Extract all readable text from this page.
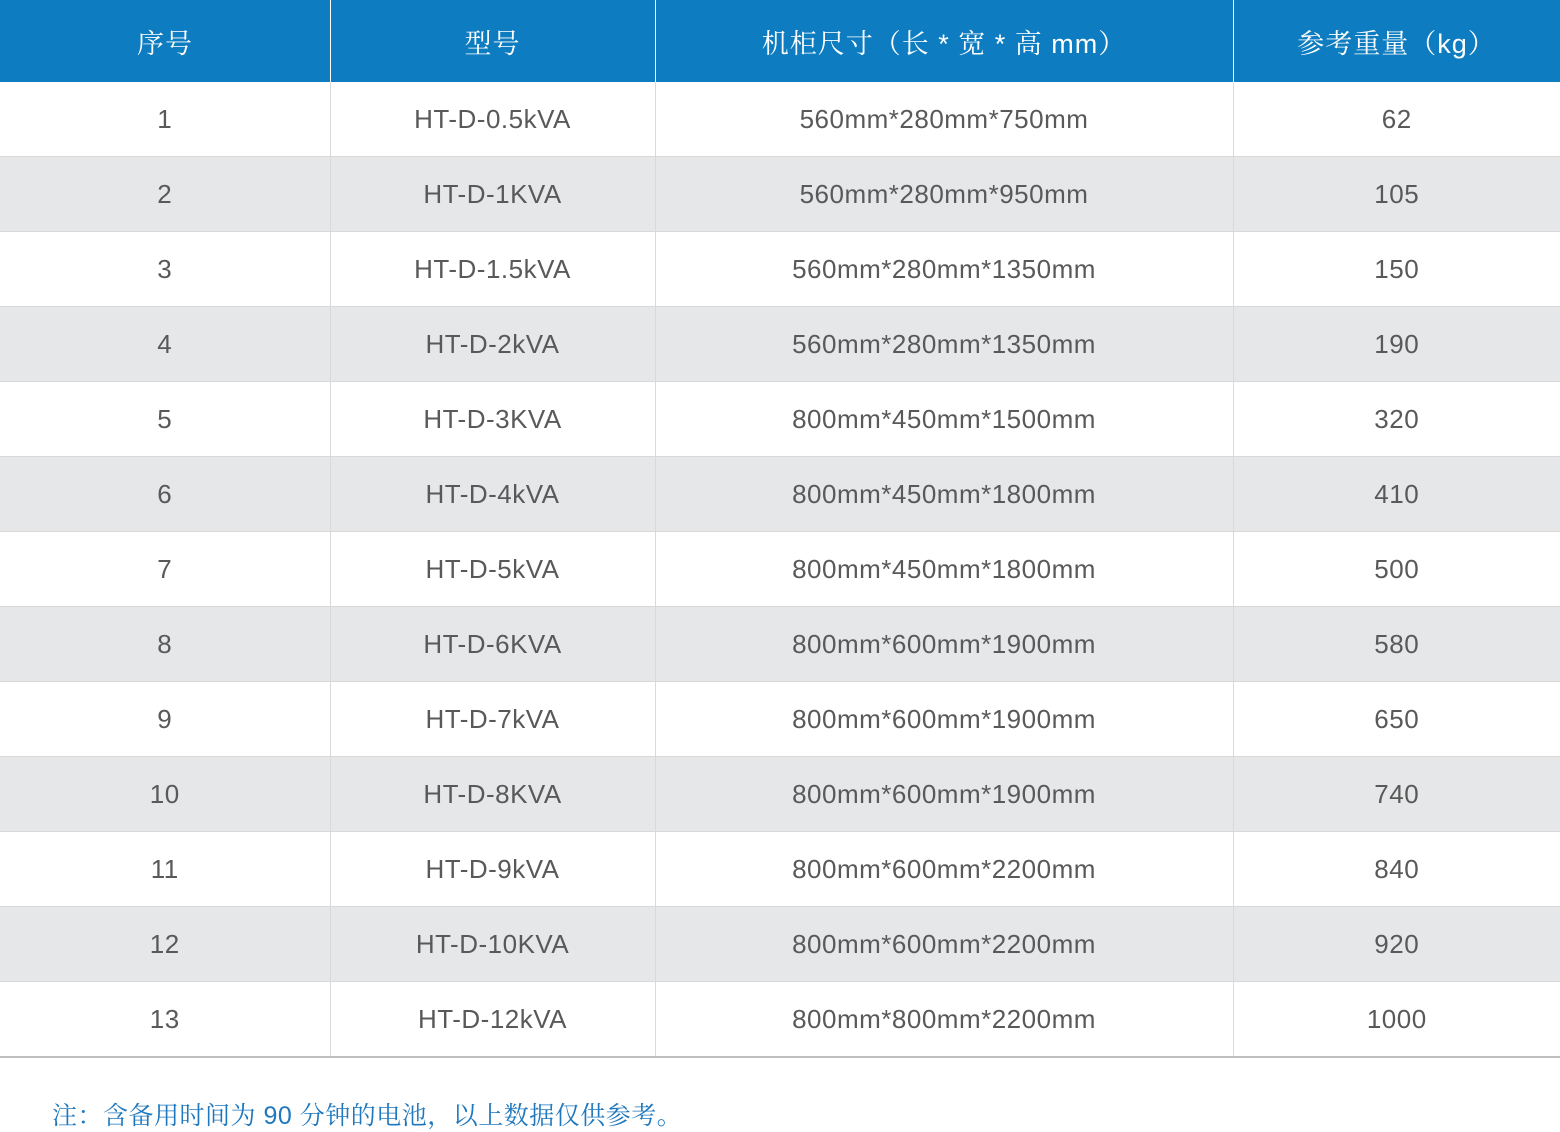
序号	型号	机柜尺寸（长 * 宽 * 高 mm）	参考重量（kg）
1	HT-D-0.5kVA	560mm*280mm*750mm	62
2	HT-D-1KVA	560mm*280mm*950mm	105
3	HT-D-1.5kVA	560mm*280mm*1350mm	150
4	HT-D-2kVA	560mm*280mm*1350mm	190
5	HT-D-3KVA	800mm*450mm*1500mm	320
6	HT-D-4kVA	800mm*450mm*1800mm	410
7	HT-D-5kVA	800mm*450mm*1800mm	500
8	HT-D-6KVA	800mm*600mm*1900mm	580
9	HT-D-7kVA	800mm*600mm*1900mm	650
10	HT-D-8KVA	800mm*600mm*1900mm	740
11	HT-D-9kVA	800mm*600mm*2200mm	840
12	HT-D-10KVA	800mm*600mm*2200mm	920
13	HT-D-12kVA	800mm*800mm*2200mm	1000
注：含备用时间为 90 分钟的电池，以上数据仅供参考。
